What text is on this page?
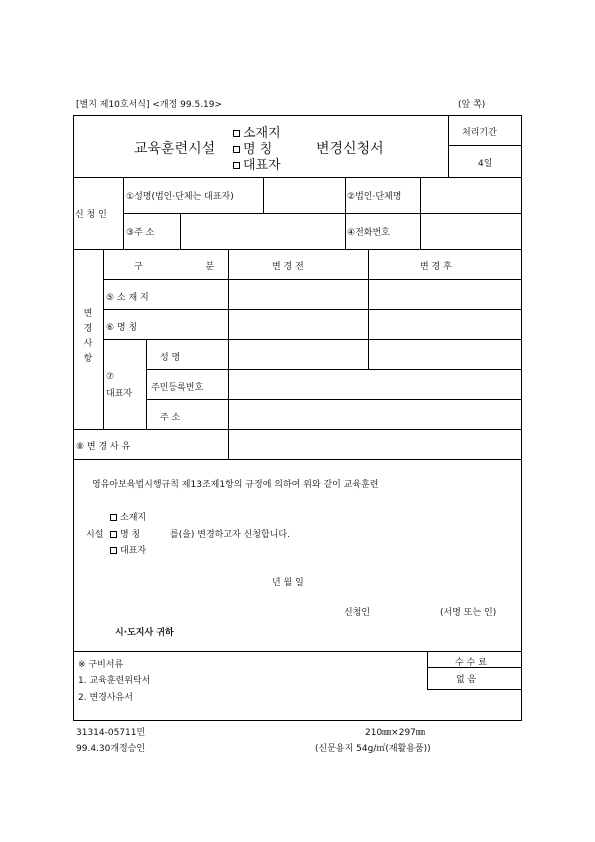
[별지 제10호서식] <개정 99.5.19>	(앞 쪽)
교육훈련시설
소재지
명 칭
대표자
변경신청서
처리기간
4일
신 청 인
①성명(법인·단체는 대표자)	②법인·단체명
③주 소	④전화번호
변경사항
구 분	변 경 전	변 경 후
⑤ 소 재 지
⑥ 명 칭
⑦
대표자
성 명
주민등록번호
주 소
⑧ 변 경 사 유
영유아보육법시행규칙 제13조제1항의 규정에 의하여 위와 같이 교육훈련
소재지
시설	명 칭	를(을) 변경하고자 신청합니다.
대표자
년 월 일
신청인	(서명 또는 인)
시·도지사 귀하
※ 구비서류
1. 교육훈련위탁서
2. 변경사유서
수 수 료
없 음
31314-05711민
99.4.30개정승인
210㎜×297㎜
(신문용지 54g/㎡(재활용품))
